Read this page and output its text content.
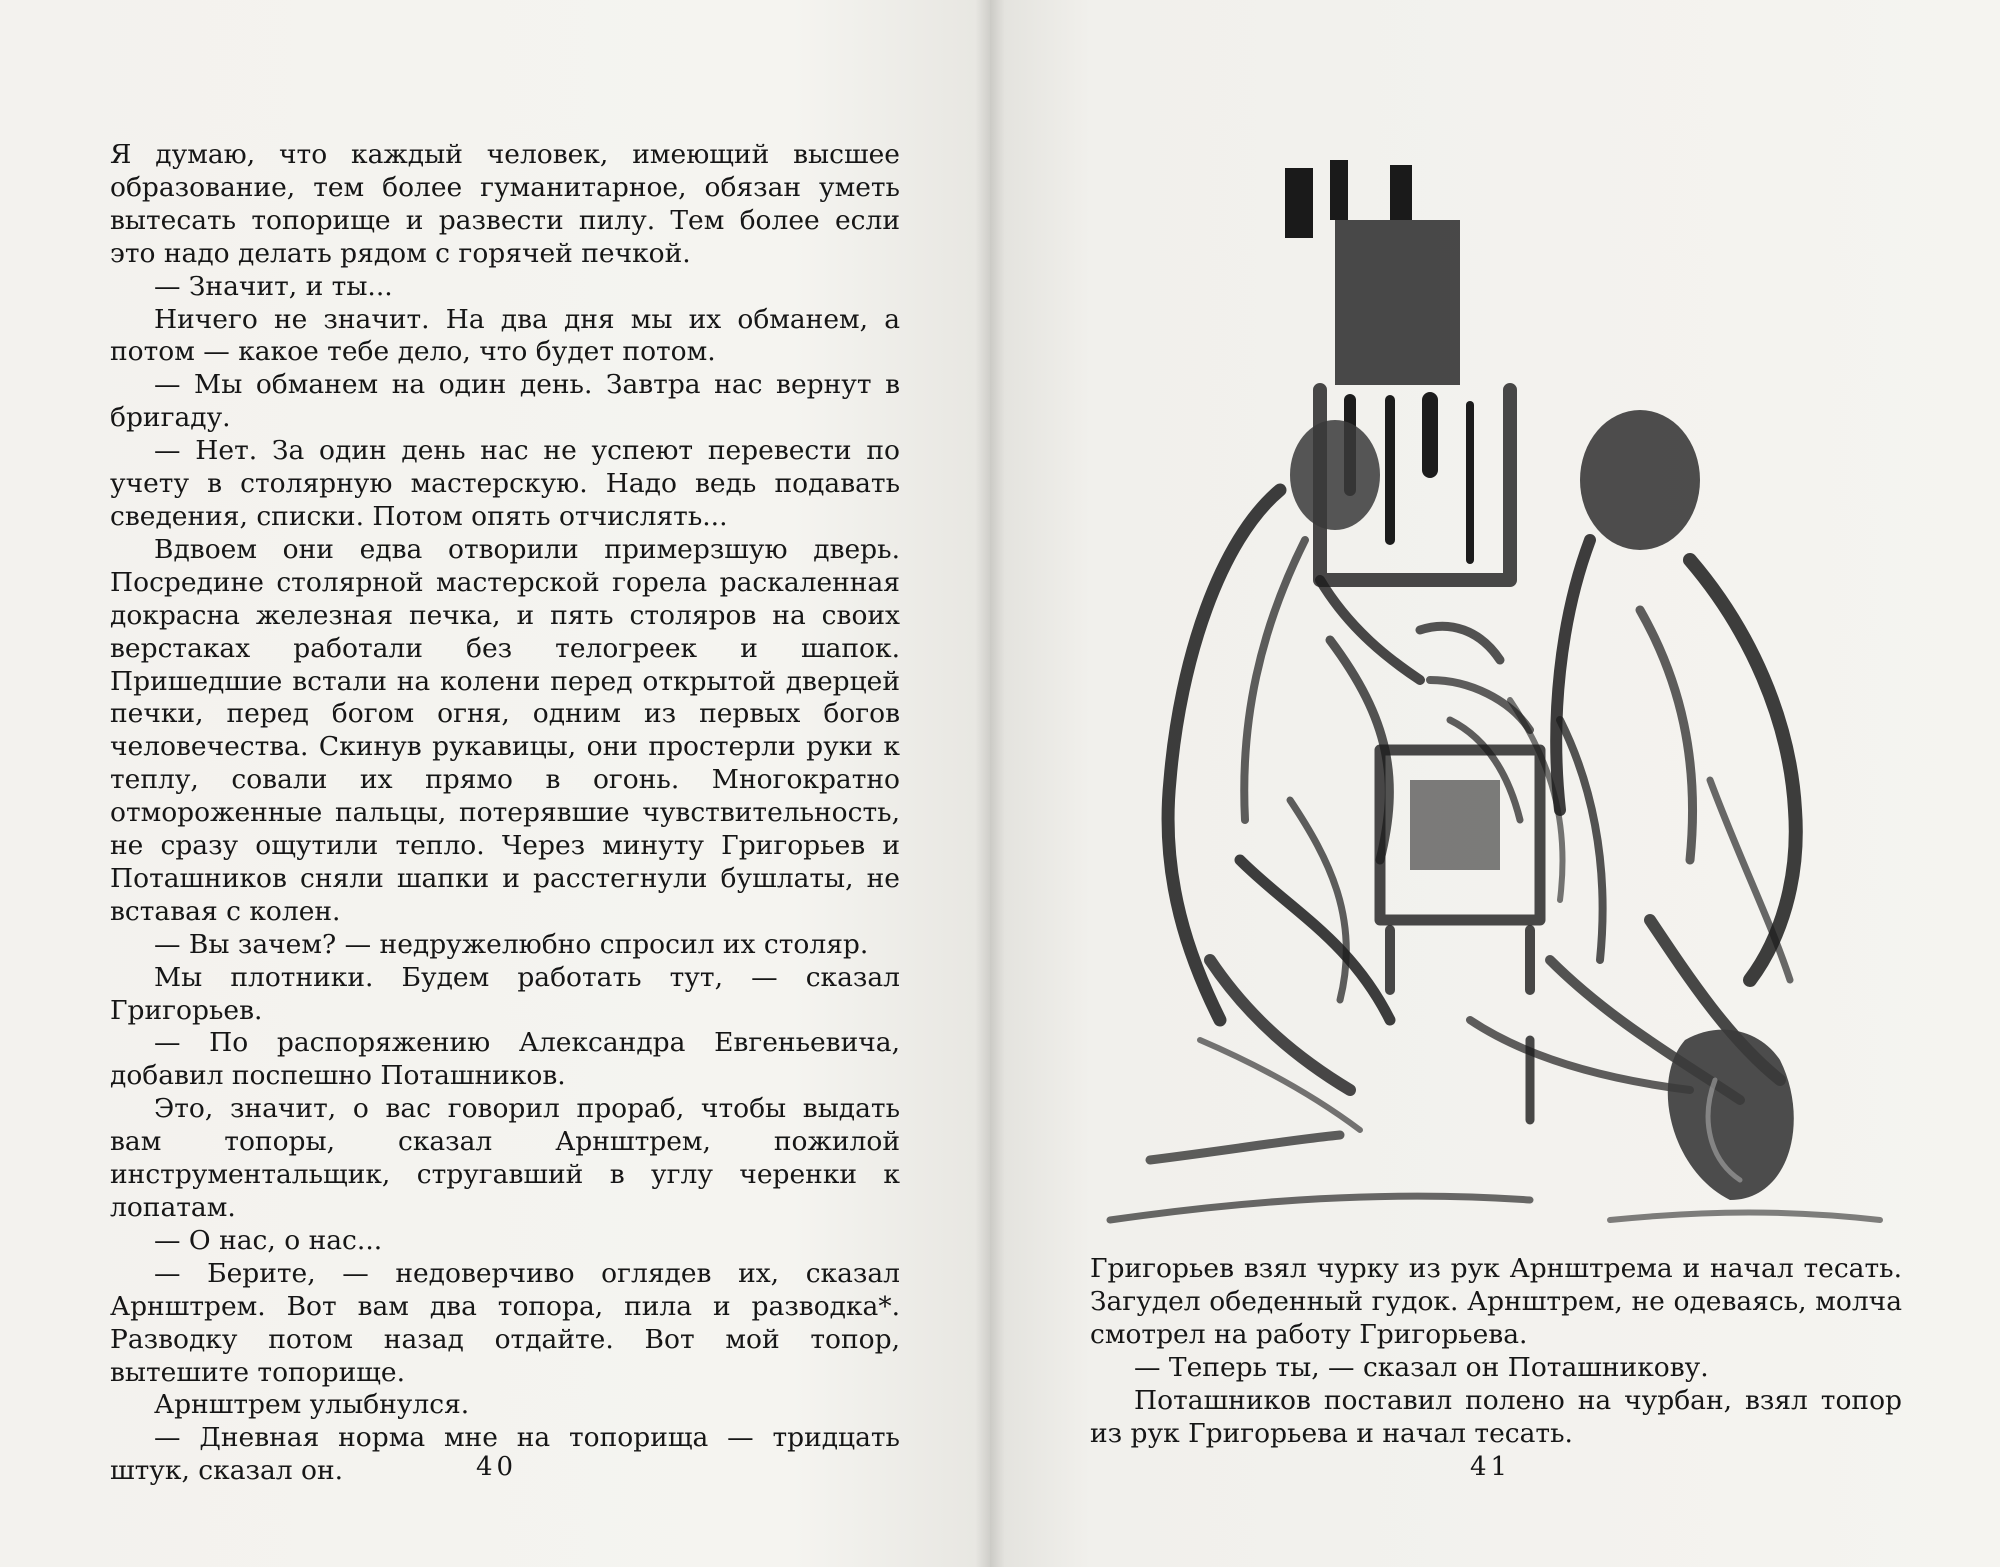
Я думаю, что каждый человек, имеющий высшее образование, тем более гуманитарное, обязан уметь вытесать топорище и развести пилу. Тем более если это надо делать рядом с горячей печкой.

— Значит, и ты...

Ничего не значит. На два дня мы их обманем, а потом — какое тебе дело, что будет потом.

— Мы обманем на один день. Завтра нас вернут в бригаду.

— Нет. За один день нас не успеют перевести по учету в столярную мастерскую. Надо ведь подавать сведения, списки. Потом опять отчислять...

Вдвоем они едва отворили примерзшую дверь. Посредине столярной мастерской горела раскаленная докрасна железная печка, и пять столяров на своих верстаках работали без телогреек и шапок. Пришедшие встали на колени перед открытой дверцей печки, перед богом огня, одним из первых богов человечества. Скинув рукавицы, они простерли руки к теплу, совали их прямо в огонь. Многократно отмороженные пальцы, потерявшие чувствительность, не сразу ощутили тепло. Через минуту Григорьев и Поташников сняли шапки и расстегнули бушлаты, не вставая с колен.

— Вы зачем? — недружелюбно спросил их столяр.

Мы плотники. Будем работать тут, — сказал Григорьев.

— По распоряжению Александра Евгеньевича, добавил поспешно Поташников.

Это, значит, о вас говорил прораб, чтобы выдать вам топоры, сказал Арнштрем, пожилой инструментальщик, стругавший в углу черенки к лопатам.

— О нас, о нас...

— Берите, — недоверчиво оглядев их, сказал Арнштрем. Вот вам два топора, пила и разводка*. Разводку потом назад отдайте. Вот мой топор, вытешите топорище.

Арнштрем улыбнулся.

— Дневная норма мне на топорища — тридцать штук, сказал он.	40

Григорьев взял чурку из рук Арнштрема и начал тесать. Загудел обеденный гудок. Арнштрем, не одеваясь, молча смотрел на работу Григорьева.

— Теперь ты, — сказал он Поташникову.

Поташников поставил полено на чурбан, взял топор из рук Григорьева и начал тесать.

41
